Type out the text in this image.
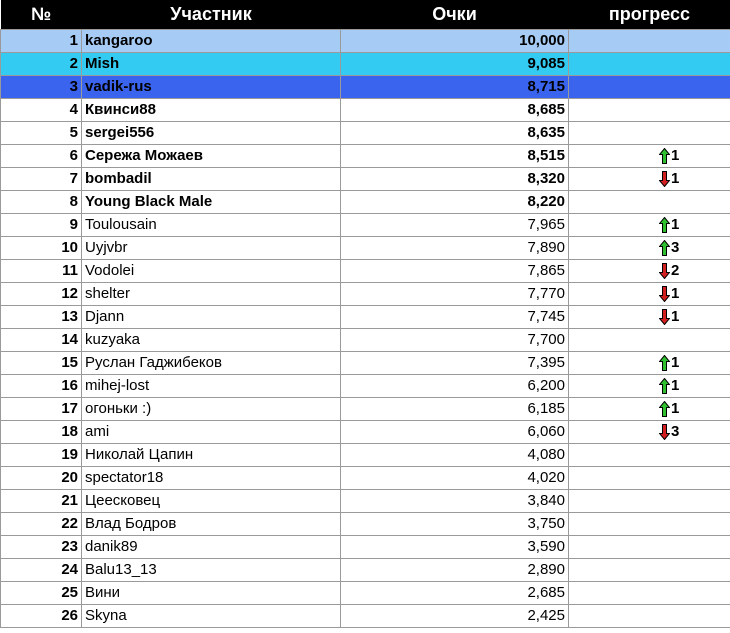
№	Участник	Очки	прогресс
1	kangaroo	10,000	
2	Mish	9,085	
3	vadik-rus	8,715	
4	Квинси88	8,685	
5	sergei556	8,635	
6	Сережа Можаев	8,515	1
7	bombadil	8,320	1
8	Young Black Male	8,220	
9	Toulousain	7,965	1
10	Uyjvbr	7,890	3
11	Vodolei	7,865	2
12	shelter	7,770	1
13	Djann	7,745	1
14	kuzyaka	7,700	
15	Руслан Гаджибеков	7,395	1
16	mihej-lost	6,200	1
17	огоньки :)	6,185	1
18	ami	6,060	3
19	Николай Цапин	4,080	
20	spectator18	4,020	
21	Цеесковец	3,840	
22	Влад Бодров	3,750	
23	danik89	3,590	
24	Balu13_13	2,890	
25	Вини	2,685	
26	Skyna	2,425	
